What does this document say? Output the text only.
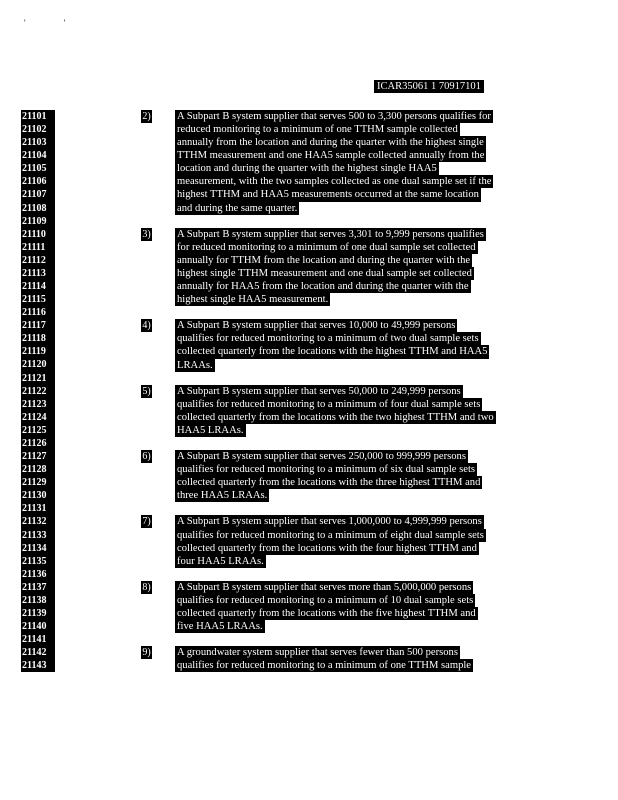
' '
ICAR35061 1 70917101
21101
21102
21103
21104
21105
21106
21107
21108
21109
21110
21111
21112
21113
21114
21115
21116
21117
21118
21119
21120
21121
21122
21123
21124
21125
21126
21127
21128
21129
21130
21131
21132
21133
21134
21135
21136
21137
21138
21139
21140
21141
21142
21143
2) A Subpart B system supplier that serves 500 to 3,300 persons qualifies for
reduced monitoring to a minimum of one TTHM sample collected
annually from the location and during the quarter with the highest single
TTHM measurement and one HAA5 sample collected annually from the
location and during the quarter with the highest single HAA5
measurement, with the two samples collected as one dual sample set if the
highest TTHM and HAA5 measurements occurred at the same location
and during the same quarter.
3) A Subpart B system supplier that serves 3,301 to 9,999 persons qualifies
for reduced monitoring to a minimum of one dual sample set collected
annually for TTHM from the location and during the quarter with the
highest single TTHM measurement and one dual sample set collected
annually for HAA5 from the location and during the quarter with the
highest single HAA5 measurement.
4) A Subpart B system supplier that serves 10,000 to 49,999 persons
qualifies for reduced monitoring to a minimum of two dual sample sets
collected quarterly from the locations with the highest TTHM and HAA5
LRAAs.
5) A Subpart B system supplier that serves 50,000 to 249,999 persons
qualifies for reduced monitoring to a minimum of four dual sample sets
collected quarterly from the locations with the two highest TTHM and two
HAA5 LRAAs.
6) A Subpart B system supplier that serves 250,000 to 999,999 persons
qualifies for reduced monitoring to a minimum of six dual sample sets
collected quarterly from the locations with the three highest TTHM and
three HAA5 LRAAs.
7) A Subpart B system supplier that serves 1,000,000 to 4,999,999 persons
qualifies for reduced monitoring to a minimum of eight dual sample sets
collected quarterly from the locations with the four highest TTHM and
four HAA5 LRAAs.
8) A Subpart B system supplier that serves more than 5,000,000 persons
qualifies for reduced monitoring to a minimum of 10 dual sample sets
collected quarterly from the locations with the five highest TTHM and
five HAA5 LRAAs.
9) A groundwater system supplier that serves fewer than 500 persons
qualifies for reduced monitoring to a minimum of one TTHM sample
